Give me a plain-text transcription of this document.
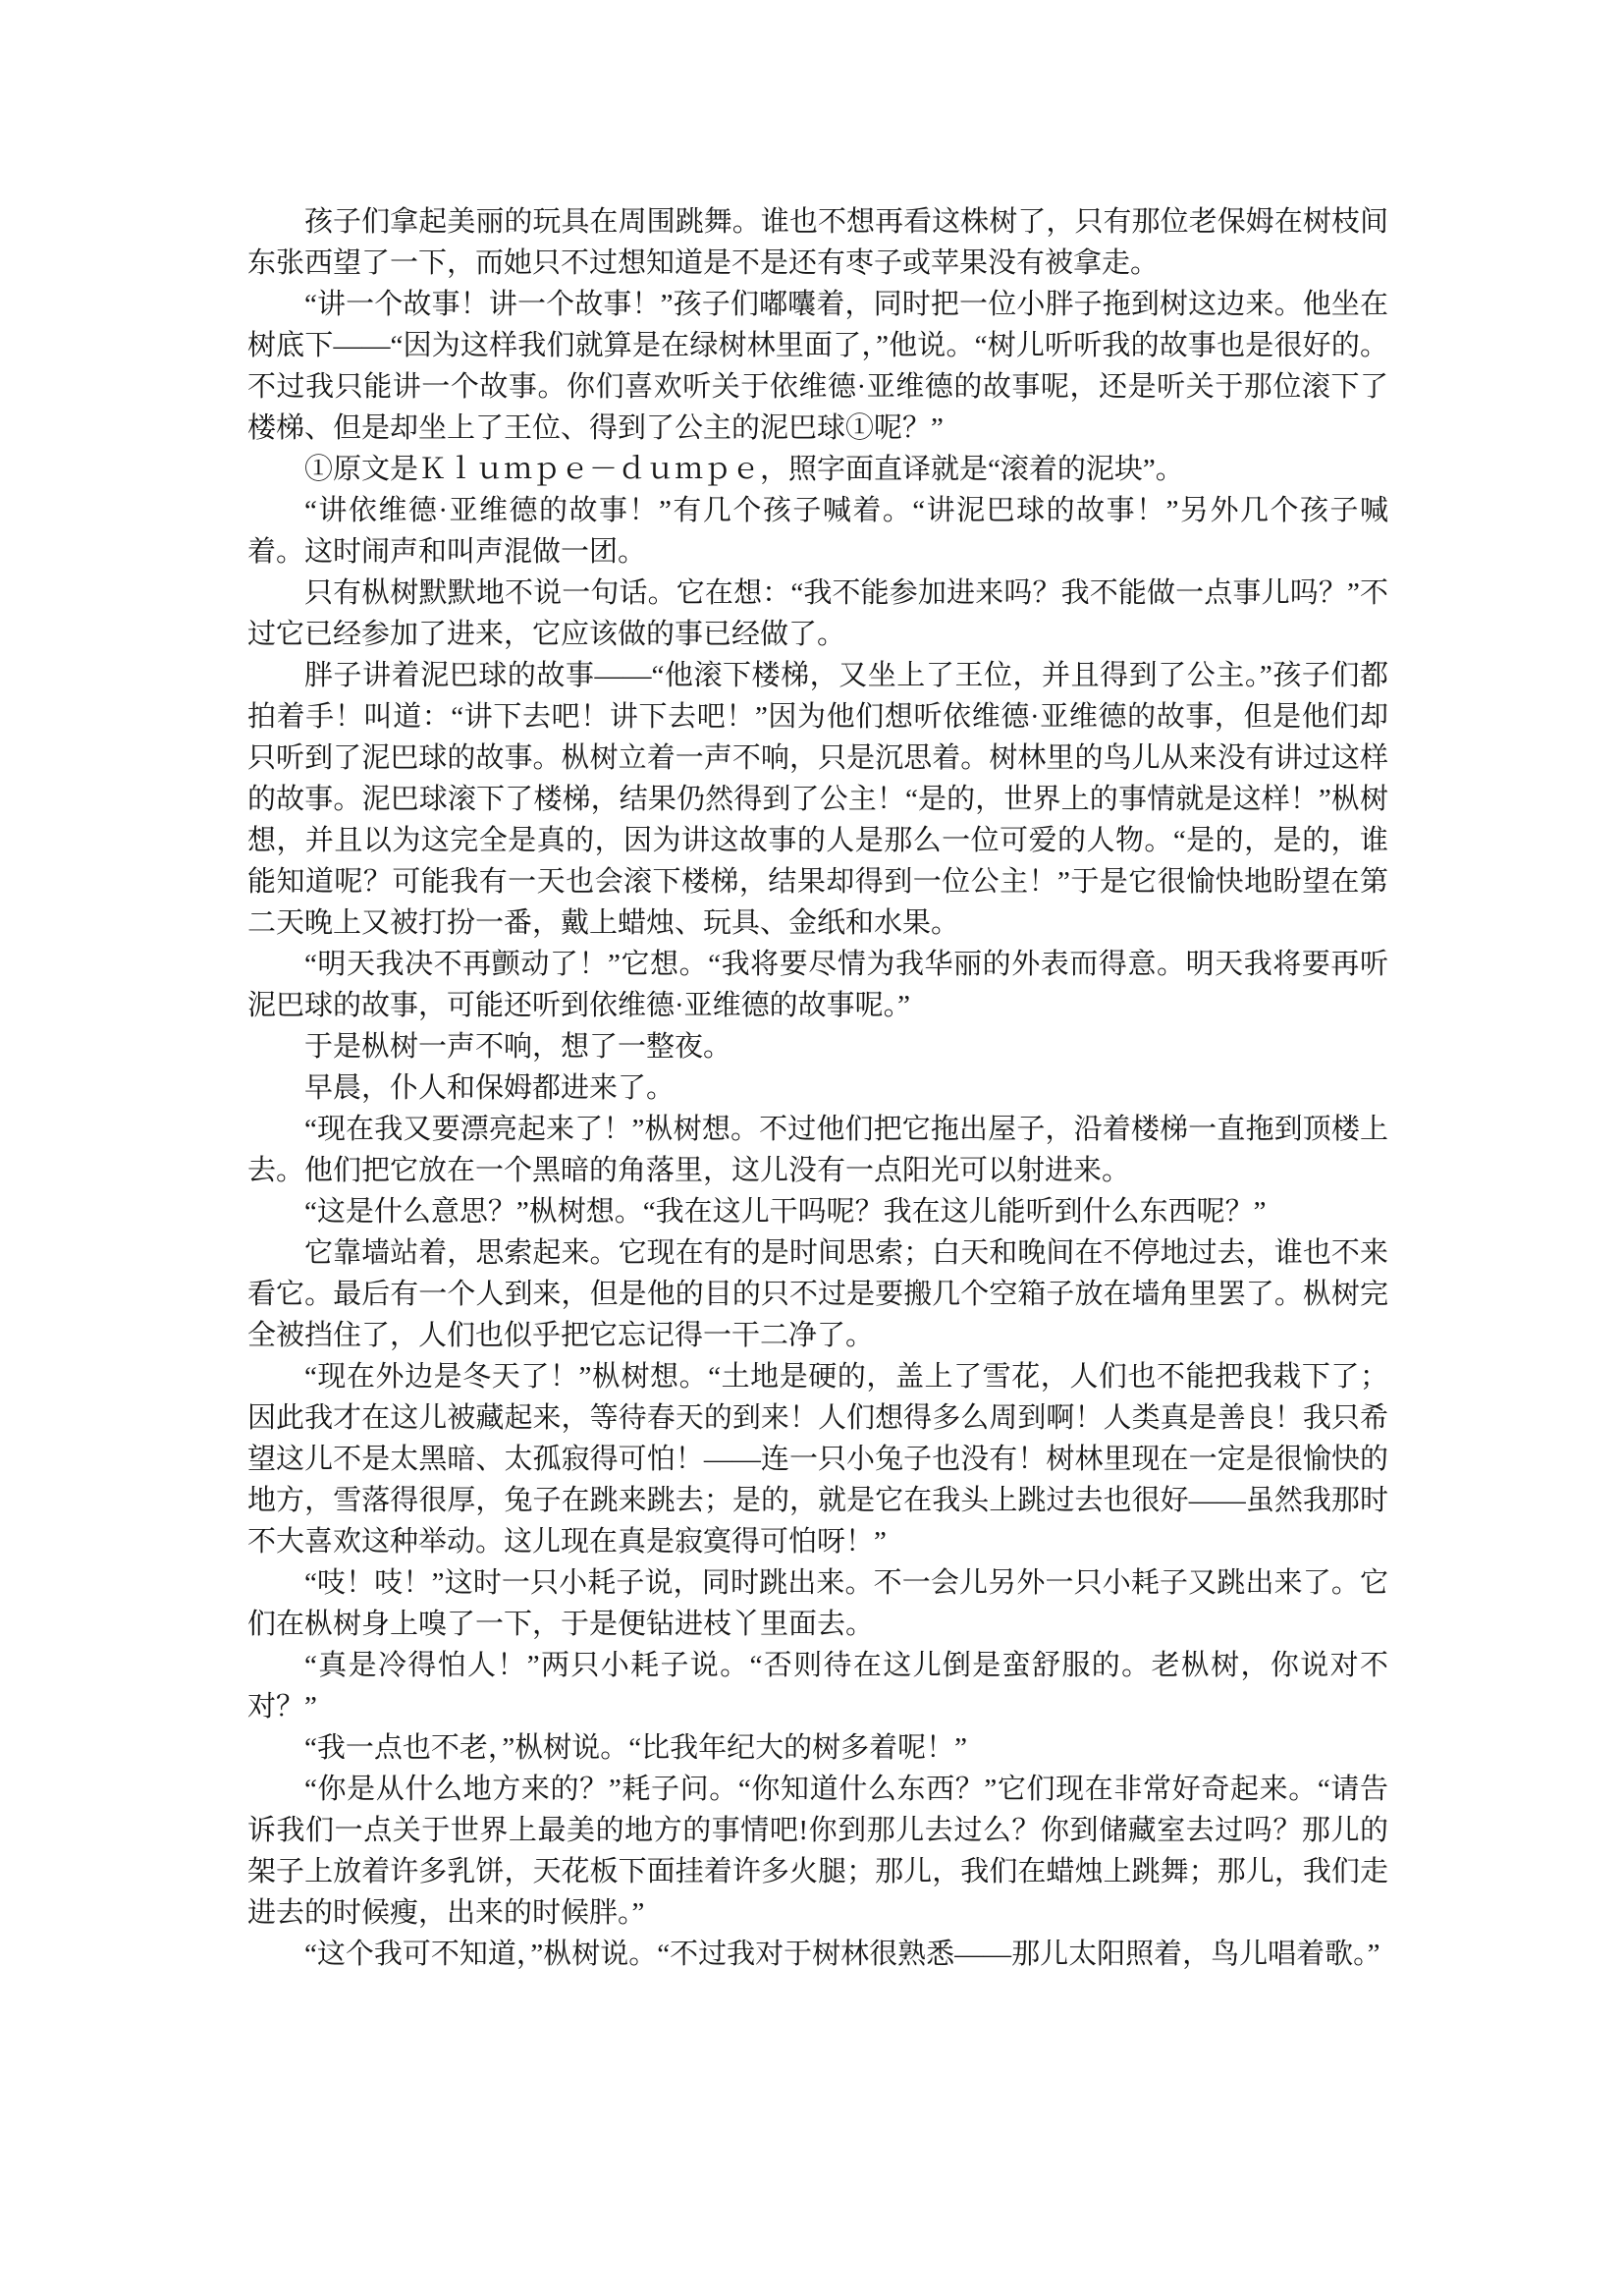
孩子们拿起美丽的玩具在周围跳舞。谁也不想再看这株树了，只有那位老保姆在树枝间东张西望了一下，而她只不过想知道是不是还有枣子或苹果没有被拿走。

“讲一个故事！讲一个故事！”孩子们嘟囔着，同时把一位小胖子拖到树这边来。他坐在树底下——“因为这样我们就算是在绿树林里面了，”他说。“树儿听听我的故事也是很好的。不过我只能讲一个故事。你们喜欢听关于依维德·亚维德的故事呢，还是听关于那位滚下了楼梯、但是却坐上了王位、得到了公主的泥巴球①呢？”

①原文是Ｋｌｕｍｐｅ－ｄｕｍｐｅ，照字面直译就是“滚着的泥块”。

“讲依维德·亚维德的故事！”有几个孩子喊着。“讲泥巴球的故事！”另外几个孩子喊着。这时闹声和叫声混做一团。

只有枞树默默地不说一句话。它在想：“我不能参加进来吗？我不能做一点事儿吗？”不过它已经参加了进来，它应该做的事已经做了。

胖子讲着泥巴球的故事——“他滚下楼梯，又坐上了王位，并且得到了公主。”孩子们都拍着手！叫道：“讲下去吧！讲下去吧！”因为他们想听依维德·亚维德的故事，但是他们却只听到了泥巴球的故事。枞树立着一声不响，只是沉思着。树林里的鸟儿从来没有讲过这样的故事。泥巴球滚下了楼梯，结果仍然得到了公主！“是的，世界上的事情就是这样！”枞树想，并且以为这完全是真的，因为讲这故事的人是那么一位可爱的人物。“是的，是的，谁能知道呢？可能我有一天也会滚下楼梯，结果却得到一位公主！”于是它很愉快地盼望在第二天晚上又被打扮一番，戴上蜡烛、玩具、金纸和水果。

“明天我决不再颤动了！”它想。“我将要尽情为我华丽的外表而得意。明天我将要再听泥巴球的故事，可能还听到依维德·亚维德的故事呢。”

于是枞树一声不响，想了一整夜。

早晨，仆人和保姆都进来了。

“现在我又要漂亮起来了！”枞树想。不过他们把它拖出屋子，沿着楼梯一直拖到顶楼上去。他们把它放在一个黑暗的角落里，这儿没有一点阳光可以射进来。

“这是什么意思？”枞树想。“我在这儿干吗呢？我在这儿能听到什么东西呢？”

它靠墙站着，思索起来。它现在有的是时间思索；白天和晚间在不停地过去，谁也不来看它。最后有一个人到来，但是他的目的只不过是要搬几个空箱子放在墙角里罢了。枞树完全被挡住了，人们也似乎把它忘记得一干二净了。

“现在外边是冬天了！”枞树想。“土地是硬的，盖上了雪花，人们也不能把我栽下了；因此我才在这儿被藏起来，等待春天的到来！人们想得多么周到啊！人类真是善良！我只希望这儿不是太黑暗、太孤寂得可怕！——连一只小兔子也没有！树林里现在一定是很愉快的地方，雪落得很厚，兔子在跳来跳去；是的，就是它在我头上跳过去也很好——虽然我那时不大喜欢这种举动。这儿现在真是寂寞得可怕呀！”

“吱！吱！”这时一只小耗子说，同时跳出来。不一会儿另外一只小耗子又跳出来了。它们在枞树身上嗅了一下，于是便钻进枝丫里面去。

“真是冷得怕人！”两只小耗子说。“否则待在这儿倒是蛮舒服的。老枞树，你说对不对？”

“我一点也不老，”枞树说。“比我年纪大的树多着呢！”

“你是从什么地方来的？”耗子问。“你知道什么东西？”它们现在非常好奇起来。“请告诉我们一点关于世界上最美的地方的事情吧!你到那儿去过么？你到储藏室去过吗？那儿的架子上放着许多乳饼，天花板下面挂着许多火腿；那儿，我们在蜡烛上跳舞；那儿，我们走进去的时候瘦，出来的时候胖。”

“这个我可不知道，”枞树说。“不过我对于树林很熟悉——那儿太阳照着，鸟儿唱着歌。”
